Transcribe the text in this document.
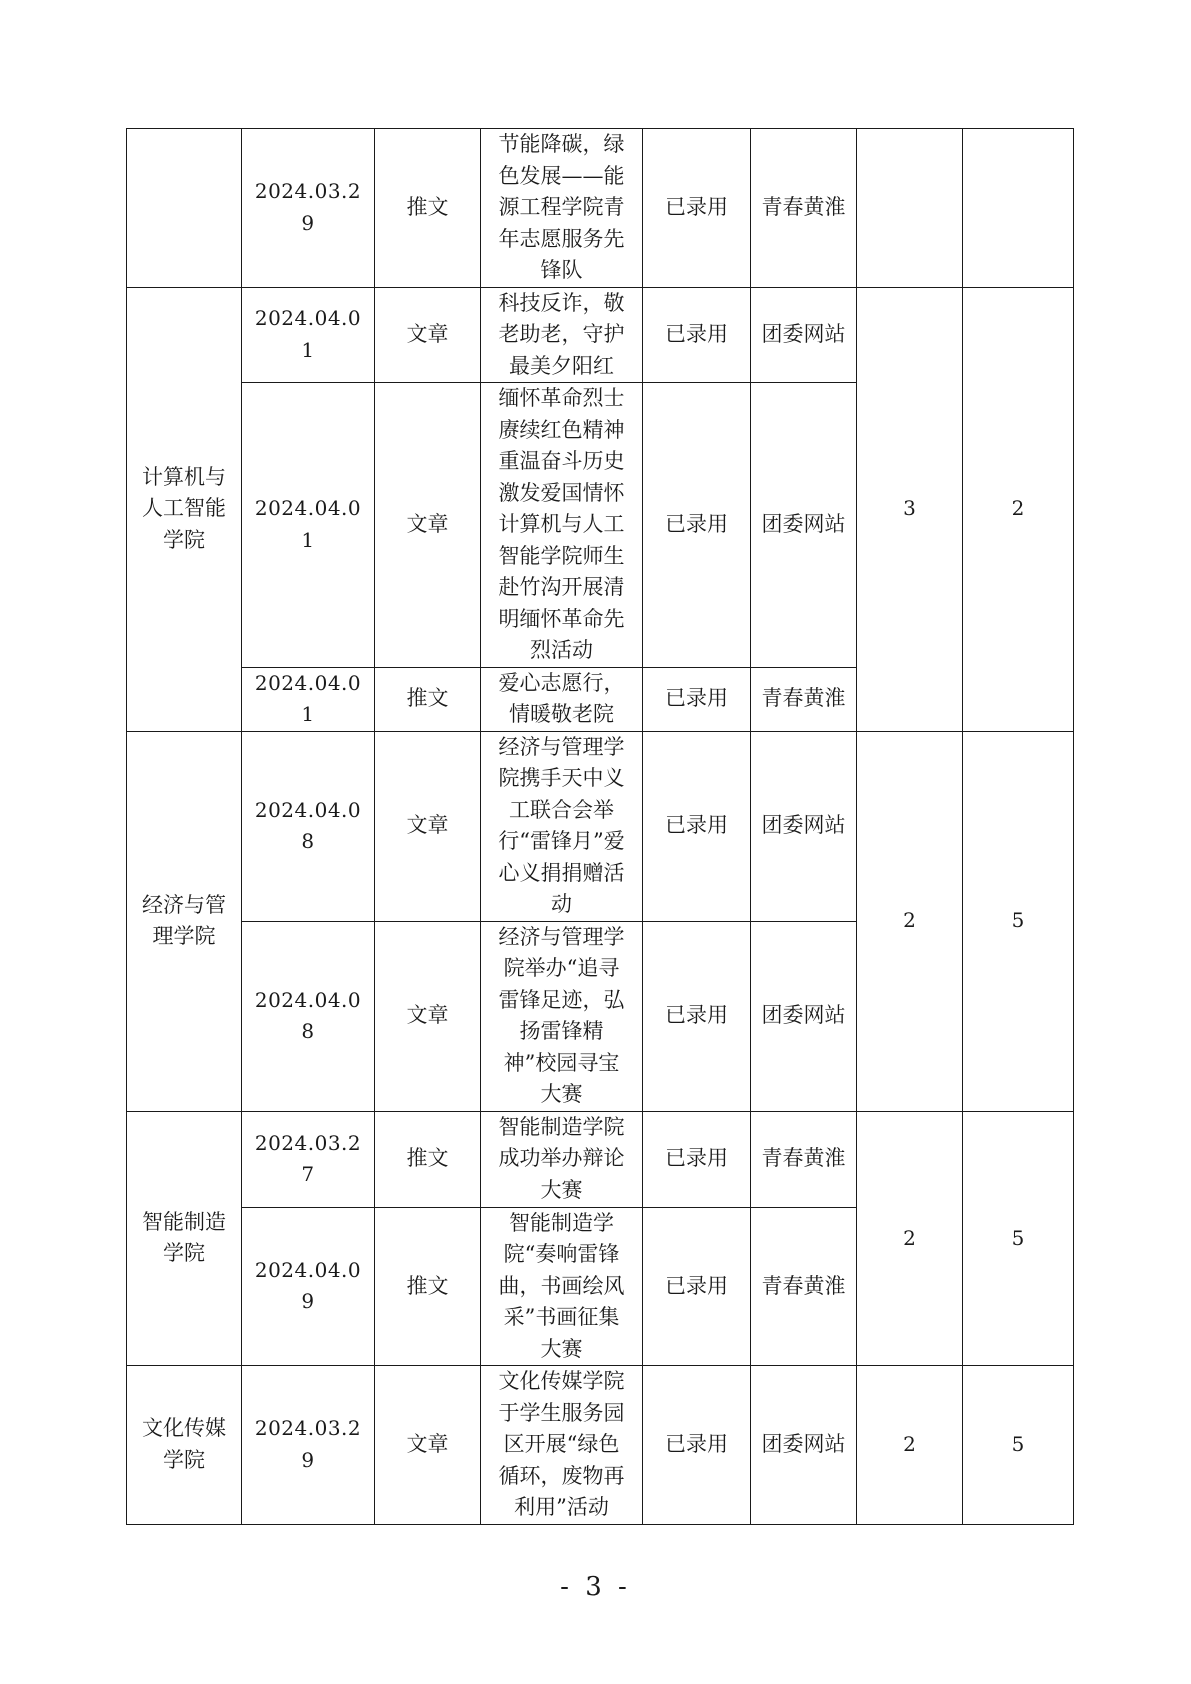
	2024.03.29	推文	节能降碳，绿色发展——能源工程学院青年志愿服务先锋队	已录用	青春黄淮		
计算机与人工智能学院	2024.04.01	文章	科技反诈，敬老助老，守护最美夕阳红	已录用	团委网站	3	2
	2024.04.01	文章	缅怀革命烈士赓续红色精神重温奋斗历史激发爱国情怀计算机与人工智能学院师生赴竹沟开展清明缅怀革命先烈活动	已录用	团委网站		
	2024.04.01	推文	爱心志愿行，情暖敬老院	已录用	青春黄淮		
经济与管理学院	2024.04.08	文章	经济与管理学院携手天中义工联合会举行“雷锋月”爱心义捐捐赠活动	已录用	团委网站	2	5
	2024.04.08	文章	经济与管理学院举办“追寻雷锋足迹，弘扬雷锋精神”校园寻宝大赛	已录用	团委网站		
智能制造学院	2024.03.27	推文	智能制造学院成功举办辩论大赛	已录用	青春黄淮	2	5
	2024.04.09	推文	智能制造学院“奏响雷锋曲，书画绘风采”书画征集大赛	已录用	青春黄淮		
文化传媒学院	2024.03.29	文章	文化传媒学院于学生服务园区开展“绿色循环，废物再利用”活动	已录用	团委网站	2	5
- 3 -
